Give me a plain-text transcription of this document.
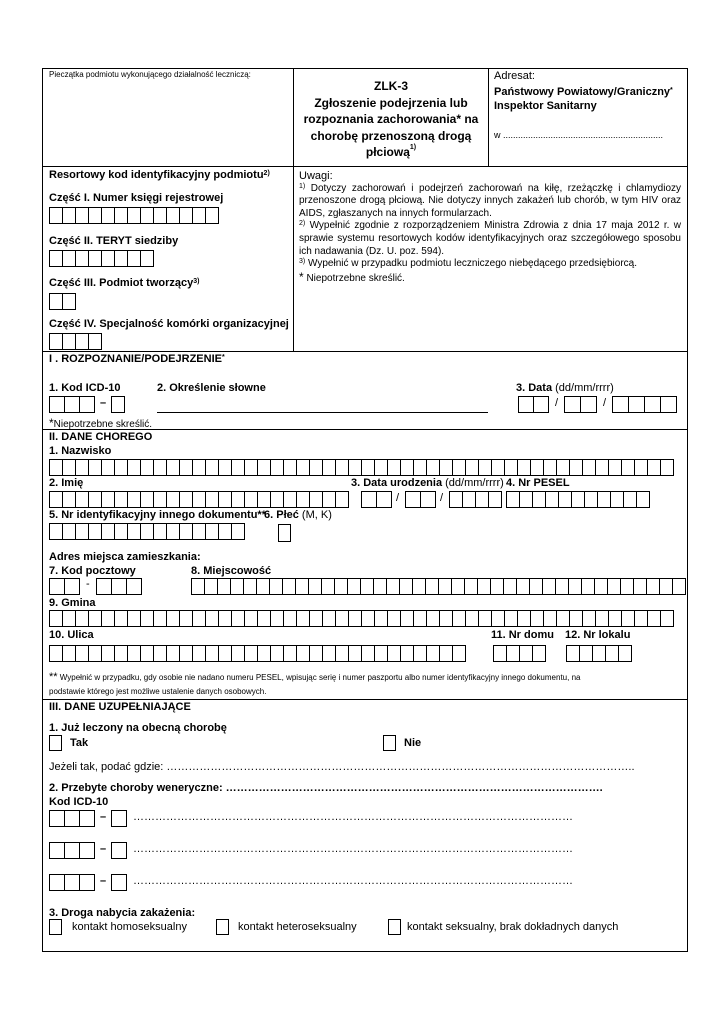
Pieczątka podmiotu wykonującego działalność leczniczą:
ZLK-3
Zgłoszenie podejrzenia lub
rozpoznania zachorowania* na
chorobę przenoszoną drogą
płciową$^{1)}$
Adresat:
Państwowy Powiatowy/Graniczny*
Inspektor Sanitarny
w ................................................................
Resortowy kod identyfikacyjny podmiotu$^{2)}$
Część I. Numer księgi rejestrowej
Część II. TERYT siedziby
Część III. Podmiot tworzący$^{3)}$
Część IV. Specjalność komórki organizacyjnej
Uwagi:
$^{1)}$ Dotyczy zachorowań i podejrzeń zachorowań na kiłę, rzeżączkę i chlamydiozy
przenoszone drogą płciową. Nie dotyczy innych zakażeń lub chorób, w tym HIV oraz
AIDS, zgłaszanych na innych formularzach.
$^{2)}$ Wypełnić zgodnie z rozporządzeniem Ministra Zdrowia z dnia 17 maja 2012 r. w
sprawie systemu resortowych kodów identyfikacyjnych oraz szczegółowego sposobu
ich nadawania (Dz. U. poz. 594).
$^{3)}$ Wypełnić w przypadku podmiotu leczniczego niebędącego przedsiębiorcą.
* Niepotrzebne skreślić.
I . ROZPOZNANIE/PODEJRZENIE*
1. Kod ICD-10	2. Określenie słowne	3. Data (dd/mm/rrrr)
–	/	/
*Niepotrzebne skreślić.
II. DANE CHOREGO
1. Nazwisko
2. Imię	3. Data urodzenia (dd/mm/rrrr) 4. Nr PESEL
/	/
5. Nr identyfikacyjny innego dokumentu**
6. Płeć (M, K)
Adres miejsca zamieszkania:
7. Kod pocztowy	8. Miejscowość
-
9. Gmina
10. Ulica	11. Nr domu 12. Nr lokalu
** Wypełnić w przypadku, gdy osobie nie nadano numeru PESEL, wpisując serię i numer paszportu albo numer identyfikacyjny innego dokumentu, na
podstawie którego jest możliwe ustalenie danych osobowych.
III. DANE UZUPEŁNIAJĄCE
1. Już leczony na obecną chorobę
Tak	Nie
Jeżeli tak, podać gdzie: ………………………………………………………………………………………………………………..
2. Przebyte choroby weneryczne: ………………………………………………………………………………………….
Kod ICD-10
– …………………………………………………………………………………………………………
– …………………………………………………………………………………………………………
– …………………………………………………………………………………………………………
3. Droga nabycia zakażenia:
kontakt homoseksualny	kontakt heteroseksualny	kontakt seksualny, brak dokładnych danych
